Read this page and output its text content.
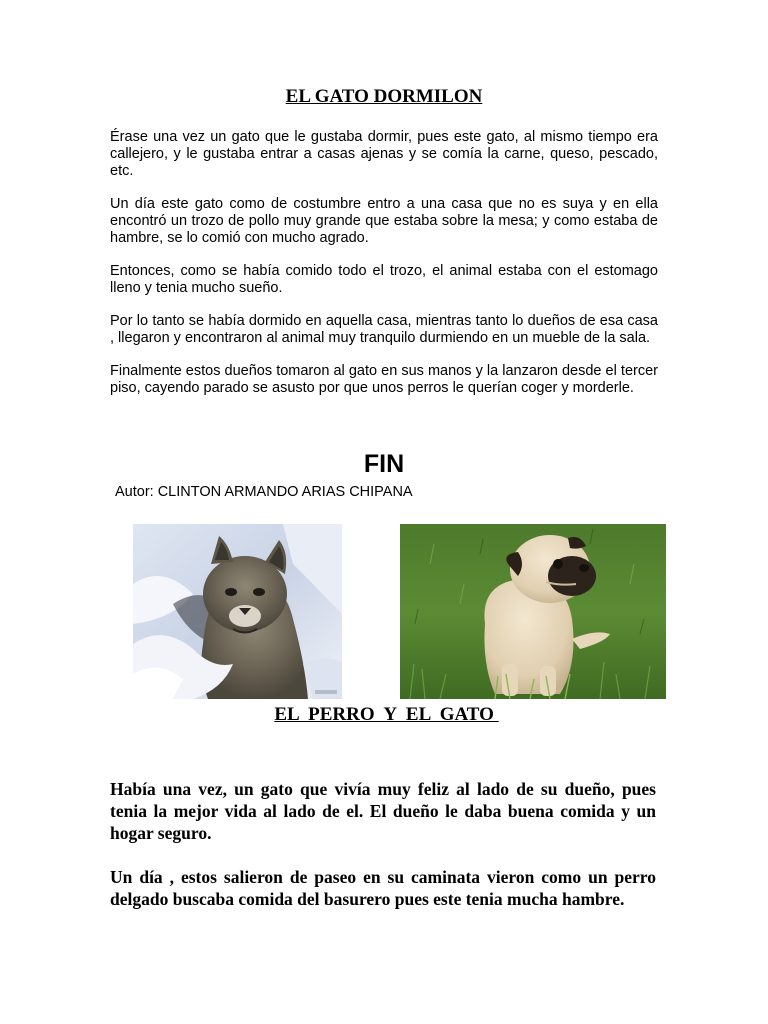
EL GATO DORMILON

Érase una vez un gato que le gustaba dormir, pues este gato, al mismo tiempo era callejero, y le gustaba entrar a casas ajenas y se comía la carne, queso, pescado, etc.

Un día este gato como de costumbre entro a una casa que no es suya y en ella encontró un trozo de pollo muy grande que estaba sobre la mesa; y como estaba de hambre, se lo comió con mucho agrado.

Entonces, como se había comido todo el trozo, el animal estaba con el estomago lleno y tenia mucho sueño.

Por lo tanto se había dormido en aquella casa, mientras tanto lo dueños de esa casa , llegaron y encontraron al animal muy tranquilo durmiendo en un mueble de la sala.

Finalmente estos dueños tomaron al gato en sus manos y la lanzaron desde el tercer piso, cayendo parado se asusto por que unos perros le querían coger y morderle.

FIN
Autor: CLINTON ARMANDO ARIAS CHIPANA
EL  PERRO  Y  EL  GATO

Había una vez, un gato que vivía muy feliz al lado de su dueño, pues tenia la mejor vida al lado de el. El dueño le daba buena comida y un hogar seguro.

Un día , estos salieron de paseo en su caminata vieron como un perro delgado buscaba comida del basurero pues este tenia mucha hambre.
